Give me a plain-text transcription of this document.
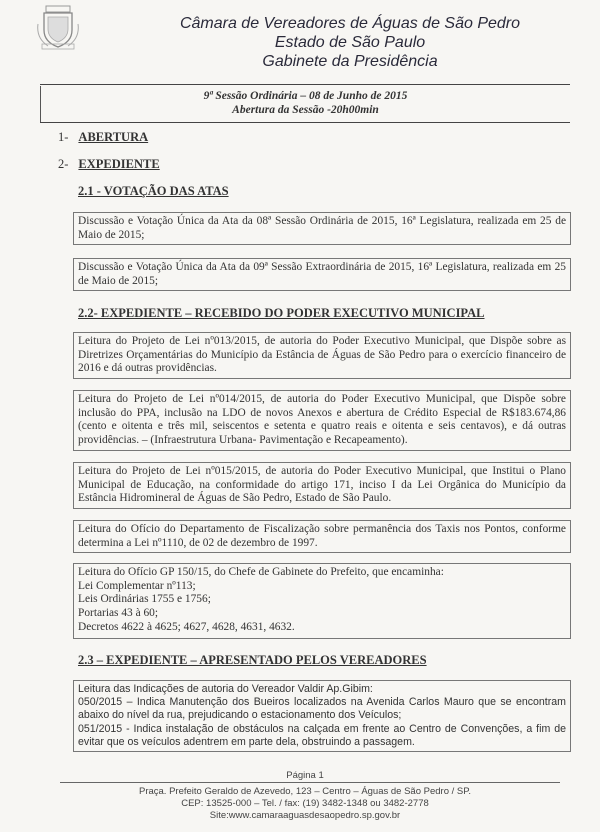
Câmara de Vereadores de Águas de São Pedro
Estado de São Paulo
Gabinete da Presidência
9ª Sessão Ordinária – 08 de Junho de 2015
Abertura da Sessão -20h00min
1- ABERTURA
2- EXPEDIENTE
2.1 - VOTAÇÃO DAS ATAS
Discussão e Votação Única da Ata da 08ª Sessão Ordinária de 2015, 16ª Legislatura, realizada em 25 de Maio de 2015;
Discussão e Votação Única da Ata da 09ª Sessão Extraordinária de 2015, 16ª Legislatura, realizada em 25 de Maio de 2015;
2.2- EXPEDIENTE – RECEBIDO DO PODER EXECUTIVO MUNICIPAL
Leitura do Projeto de Lei nº013/2015, de autoria do Poder Executivo Municipal, que Dispõe sobre as Diretrizes Orçamentárias do Município da Estância de Águas de São Pedro para o exercício financeiro de 2016 e dá outras providências.
Leitura do Projeto de Lei nº014/2015, de autoria do Poder Executivo Municipal, que Dispõe sobre inclusão do PPA, inclusão na LDO de novos Anexos e abertura de Crédito Especial de R$183.674,86 (cento e oitenta e três mil, seiscentos e setenta e quatro reais e oitenta e seis centavos), e dá outras providências. – (Infraestrutura Urbana- Pavimentação e Recapeamento).
Leitura do Projeto de Lei nº015/2015, de autoria do Poder Executivo Municipal, que Institui o Plano Municipal de Educação, na conformidade do artigo 171, inciso I da Lei Orgânica do Município da Estância Hidromineral de Águas de São Pedro, Estado de São Paulo.
Leitura do Ofício do Departamento de Fiscalização sobre permanência dos Taxis nos Pontos, conforme determina a Lei nº1110, de 02 de dezembro de 1997.
Leitura do Ofício GP 150/15, do Chefe de Gabinete do Prefeito, que encaminha:
Lei Complementar nº113;
Leis Ordinárias 1755 e 1756;
Portarias 43 à 60;
Decretos 4622 à 4625; 4627, 4628, 4631, 4632.
2.3 – EXPEDIENTE – APRESENTADO PELOS VEREADORES
Leitura das Indicações de autoria do Vereador Valdir Ap.Gibim:
050/2015 – Indica Manutenção dos Bueiros localizados na Avenida Carlos Mauro que se encontram abaixo do nível da rua, prejudicando o estacionamento dos Veículos;
051/2015 - Indica instalação de obstáculos na calçada em frente ao Centro de Convenções, a fim de evitar que os veículos adentrem em parte dela, obstruindo a passagem.
Página 1
Praça. Prefeito Geraldo de Azevedo, 123 – Centro – Águas de São Pedro / SP.
CEP: 13525-000 – Tel. / fax: (19) 3482-1348 ou 3482-2778
Site:www.camaraaguasdesaopedro.sp.gov.br
